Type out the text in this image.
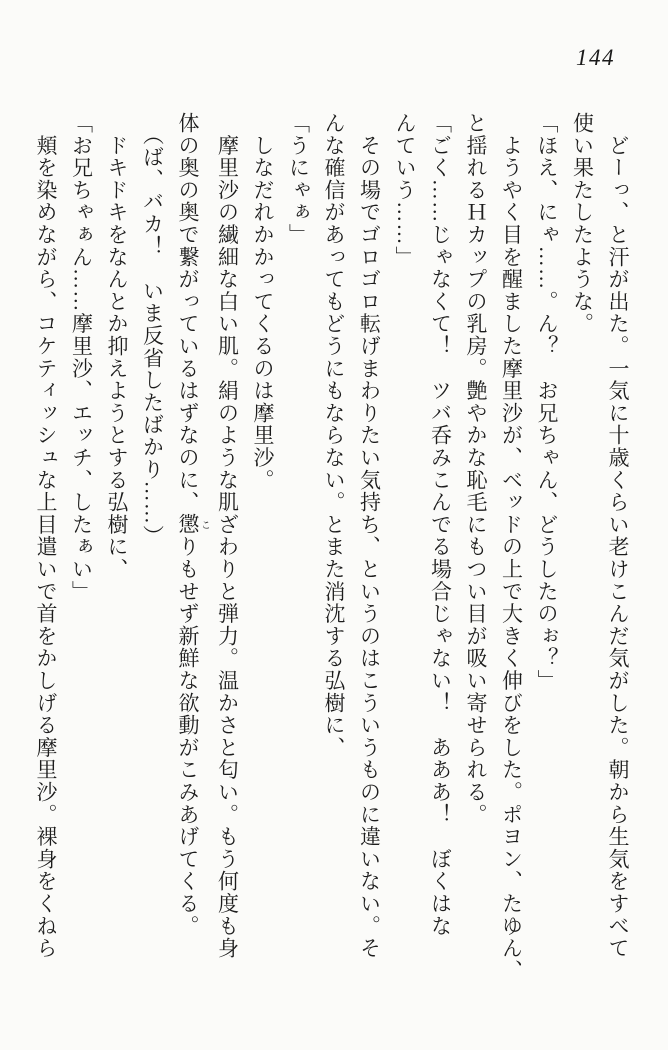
144
　どーっ、と汗が出た。一気に十歳くらい老けこんだ気がした。朝から生気をすべて
使い果たしたような。
「ほえ、にゃ……。ん？　お兄ちゃん、どうしたのぉ？」
　ようやく目を醒ました摩里沙が、ベッドの上で大きく伸びをした。ポヨン、たゆん、
と揺れるＨカップの乳房。艶やかな恥毛にもつい目が吸い寄せられる。
「ごく……じゃなくて！　ツバ呑みこんでる場合じゃない！　あああ！　ぼくはな
んていう……」
　その場でゴロゴロ転げまわりたい気持ち、というのはこういうものに違いない。そ
んな確信があってもどうにもならない。とまた消沈する弘樹に、
「うにゃぁ」
　しなだれかかってくるのは摩里沙。
　摩里沙の繊細な白い肌。絹のような肌ざわりと弾力。温かさと匂い。もう何度も身
体の奥の奥で繋がっているはずなのに、懲こりもせず新鮮な欲動がこみあげてくる。
　（ば、バカ！　いま反省したばかり……）
　ドキドキをなんとか抑えようとする弘樹に、
「お兄ちゃぁん……摩里沙、エッチ、したぁい」
　頬を染めながら、コケティッシュな上目遣いで首をかしげる摩里沙。裸身をくねら
